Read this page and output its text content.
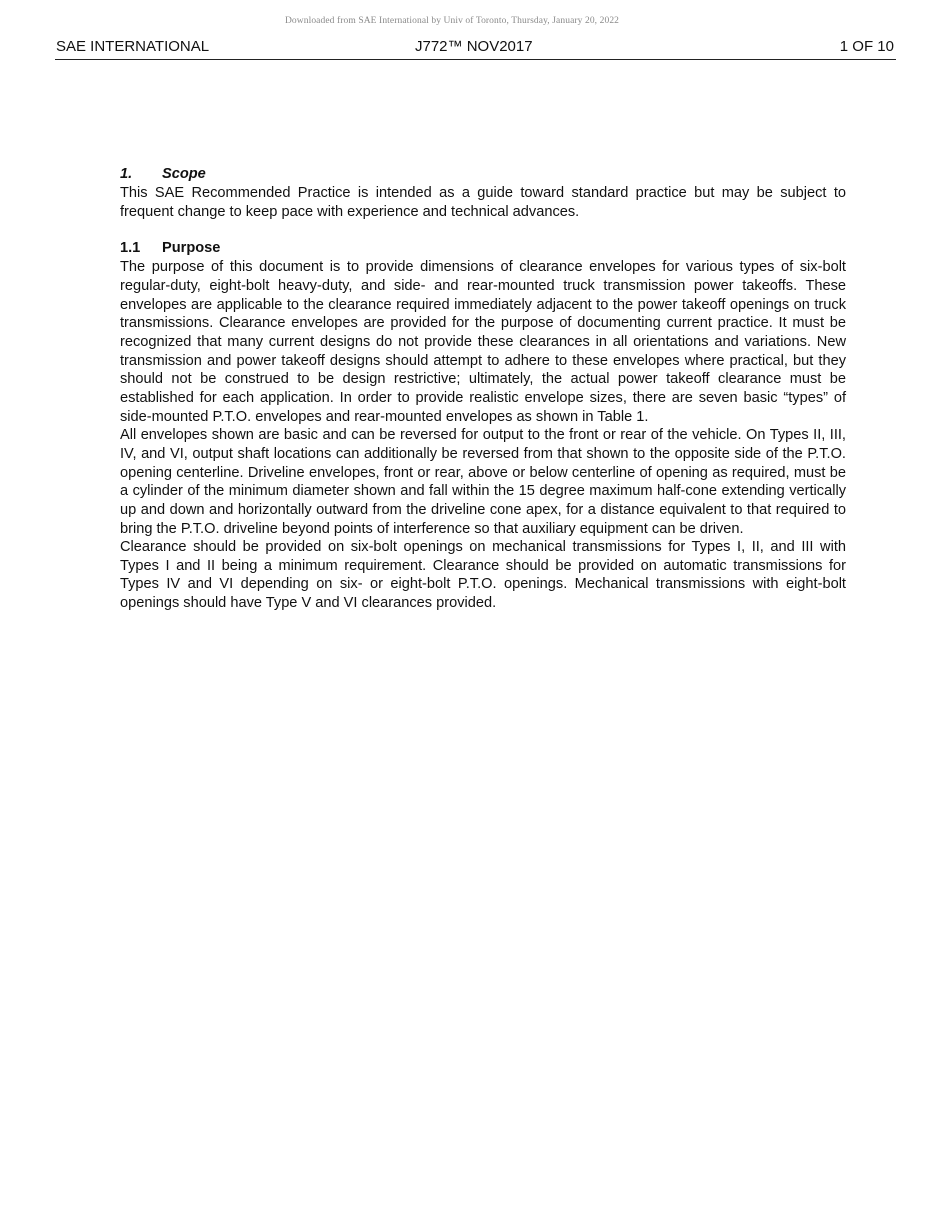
Downloaded from SAE International by Univ of Toronto, Thursday, January 20, 2022
SAE INTERNATIONAL	J772™ NOV2017	1 OF 10
1. Scope

This SAE Recommended Practice is intended as a guide toward standard practice but may be subject to frequent change to keep pace with experience and technical advances.

1.1 Purpose

The purpose of this document is to provide dimensions of clearance envelopes for various types of six-bolt regular-duty, eight-bolt heavy-duty, and side- and rear-mounted truck transmission power takeoffs. These envelopes are applicable to the clearance required immediately adjacent to the power takeoff openings on truck transmissions. Clearance envelopes are provided for the purpose of documenting current practice. It must be recognized that many current designs do not provide these clearances in all orientations and variations. New transmission and power takeoff designs should attempt to adhere to these envelopes where practical, but they should not be construed to be design restrictive; ultimately, the actual power takeoff clearance must be established for each application. In order to provide realistic envelope sizes, there are seven basic “types” of side-mounted P.T.O. envelopes and rear-mounted envelopes as shown in Table 1.

All envelopes shown are basic and can be reversed for output to the front or rear of the vehicle. On Types II, III, IV, and VI, output shaft locations can additionally be reversed from that shown to the opposite side of the P.T.O. opening centerline. Driveline envelopes, front or rear, above or below centerline of opening as required, must be a cylinder of the minimum diameter shown and fall within the 15 degree maximum half-cone extending vertically up and down and horizontally outward from the driveline cone apex, for a distance equivalent to that required to bring the P.T.O. driveline beyond points of interference so that auxiliary equipment can be driven.

Clearance should be provided on six-bolt openings on mechanical transmissions for Types I, II, and III with Types I and II being a minimum requirement. Clearance should be provided on automatic transmissions for Types IV and VI depending on six- or eight-bolt P.T.O. openings. Mechanical transmissions with eight-bolt openings should have Type V and VI clearances provided.
